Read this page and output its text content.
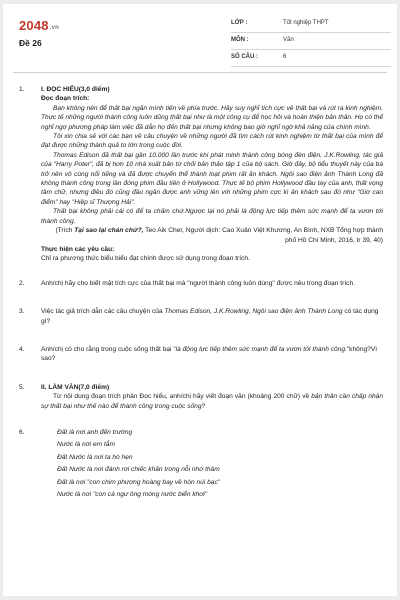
2048.vn
Đề 26
LỚP :	Tốt nghiệp THPT
MÔN :	Văn
SỐ CÂU :	6
1.	I. ĐỌC HIỂU(3,0 điểm)

Đọc đoạn trích:

Bạn không nên để thất bại ngăn mình tiến về phía trước. Hãy suy nghĩ tích cực về thất bại và rút ra kinh nghiệm. Thực tế những người thành công luôn dũng thất bại như là một công cụ để học hỏi và hoàn thiện bản thân. Họ có thể nghĩ ngợ phương pháp làm việc đã dẫn họ đến thất bại nhưng không bao giờ nghĩ ngờ khả năng của chính mình.

Tôi xin chia sẻ với các bạn về câu chuyện về những người đã tìm cách rút kinh nghiệm từ thất bại của mình để đạt được những thành quả to lớn trong cuộc đời.

Thomas Edison đã thất bại gần 10.000 lần trước khi phát minh thành công bóng đèn điện, J.K.Rowling, tác giả của "Harry Poter", đã bị hơn 10 nhà xuất bản từ chối bản thảo tập 1 của bộ sách. Giờ đây, bộ tiểu thuyết này của bà trở nên vô cùng nổi tiếng và đã được chuyển thể thành loạt phim rất ăn khách. Ngôi sao điện ảnh Thành Long đã không thành công trong lần đóng phim đầu tiên ở Hollywood. Thực tế bộ phim Hollywood đầu tay của anh, thất vọng tầm chữ, nhưng điều đó cũng đầu ngăn được anh vững lên với những phim cực kì ăn khách sau đó như "Giờ cao điểm" hay "Hiệp sĩ Thượng Hải".

Thất bại không phải cái có để ta chấm chứ.Ngược lại nó phải là động lực tiếp thêm sức mạnh để ta vươn tới thành công.

(Trích Tại sao lại chán chứ?, Teo Aik Cher, Người dịch: Cao Xuân Việt Khương, An Bình, NXB Tổng hợp thành phố Hồ Chí Minh, 2016, tr 39, 40)

Thực hiện các yêu cầu:

Chỉ ra phương thức biểu biểu đạt chính được sử dụng trong đoạn trích.

2.	Anh/chị hãy cho biết mặt tích cực của thất bại mà "người thành công luôn dùng" được nêu trong đoạn trích.

3.	Việc tác giả trích dẫn các câu chuyện của Thomas Edison, J.K.Rowling, Ngôi sao điện ảnh Thành Long có tác dụng gì?

4.	Anh/chị có cho rằng trong cuộc sống thất bại "là động lực tiếp thêm sức mạnh để ta vươn tới thành công."không?Vì sao?

5.	II. LÀM VĂN(7,0 điểm)

Từ nội dung đoạn trích phần Đọc hiểu, anh/chị hãy viết đoạn văn (khoảng 200 chữ) về bản thân cần chấp nhận sự thất bại như thế nào để thành công trong cuộc sống?

6.	Đất là nơi anh đến trường
Nước là nơi em tắm
Đất Nước là nơi ta hò hẹn
Đất Nước là nơi đánh rơi chiếc khăn trong nỗi nhớ thầm
Đất là nơi "con chim phượng hoàng bay về hòn núi bạc"
Nước là nơi "con cá ngư ông móng nước biển khơi"
